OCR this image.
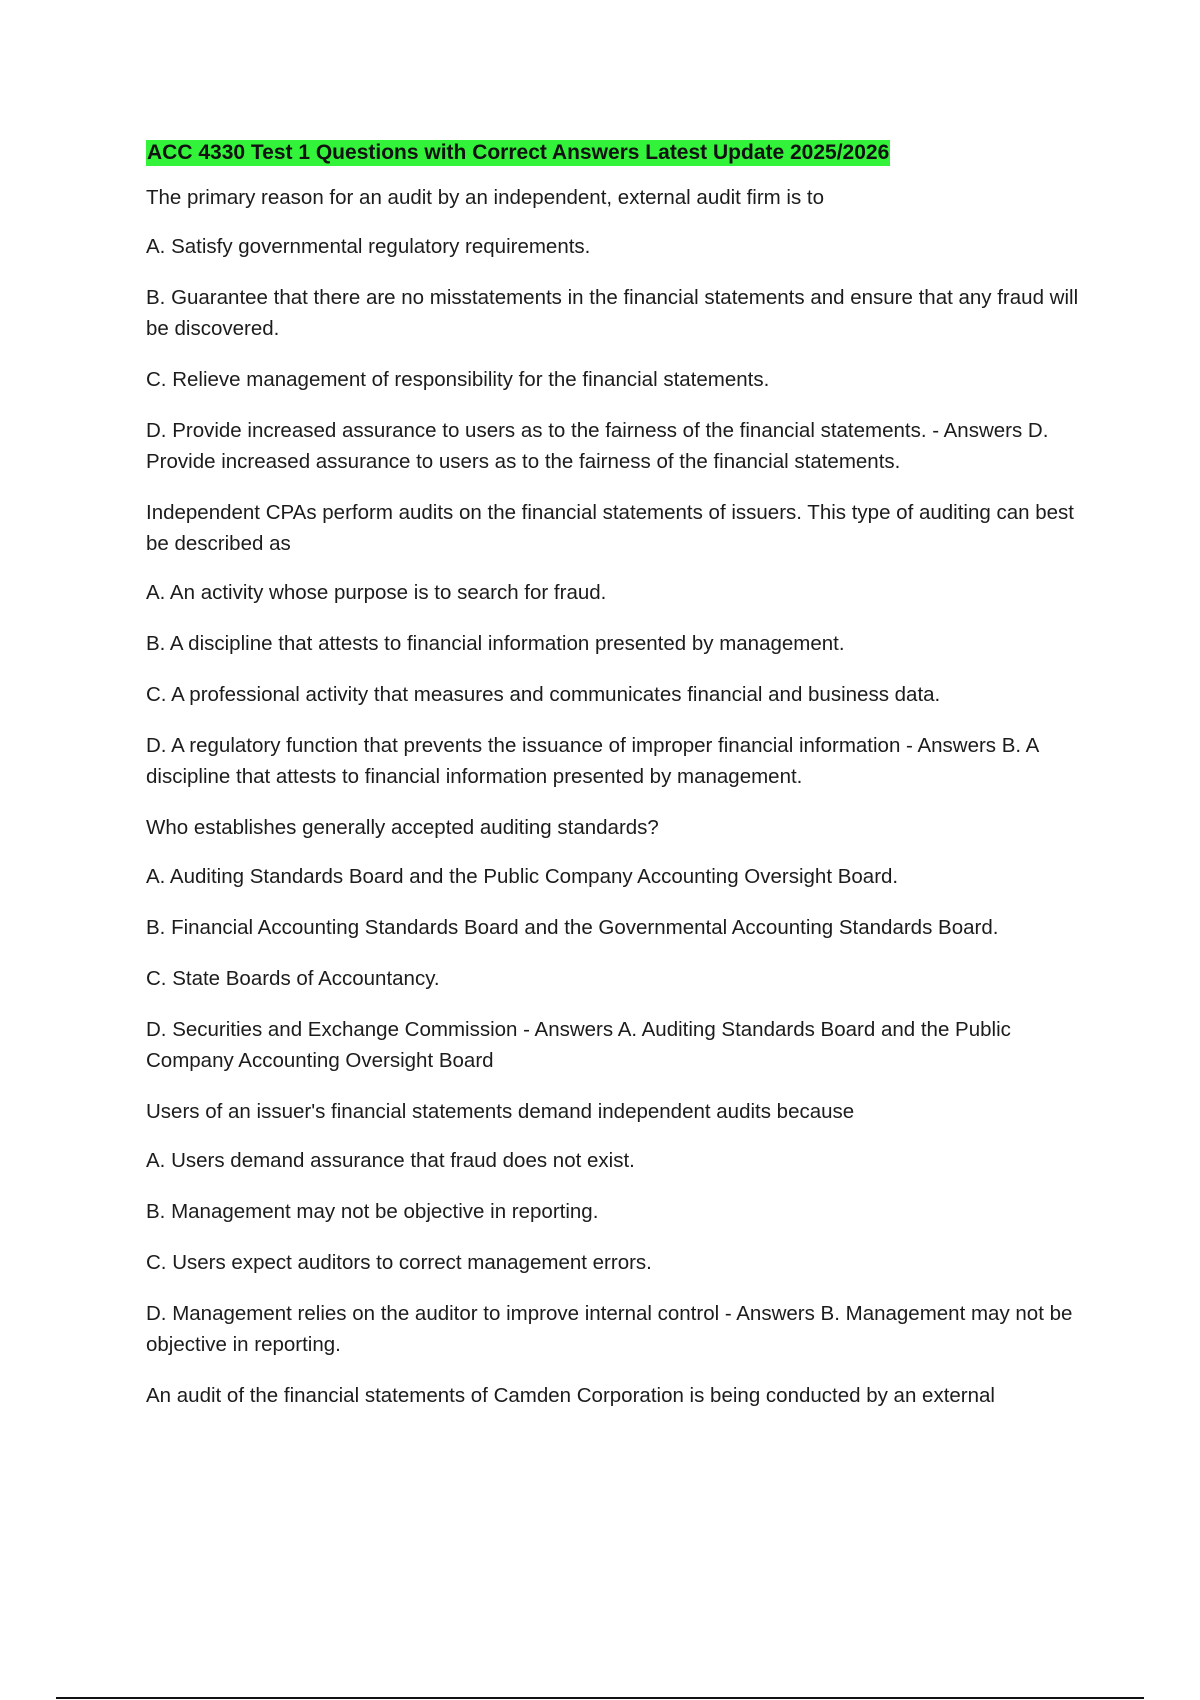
ACC 4330 Test 1 Questions with Correct Answers Latest Update 2025/2026

The primary reason for an audit by an independent, external audit firm is to

A. Satisfy governmental regulatory requirements.

B. Guarantee that there are no misstatements in the financial statements and ensure that any fraud will be discovered.

C. Relieve management of responsibility for the financial statements.

D. Provide increased assurance to users as to the fairness of the financial statements. - Answers D. Provide increased assurance to users as to the fairness of the financial statements.

Independent CPAs perform audits on the financial statements of issuers. This type of auditing can best be described as

A. An activity whose purpose is to search for fraud.

B. A discipline that attests to financial information presented by management.

C. A professional activity that measures and communicates financial and business data.

D. A regulatory function that prevents the issuance of improper financial information - Answers B. A discipline that attests to financial information presented by management.

Who establishes generally accepted auditing standards?

A. Auditing Standards Board and the Public Company Accounting Oversight Board.

B. Financial Accounting Standards Board and the Governmental Accounting Standards Board.

C. State Boards of Accountancy.

D. Securities and Exchange Commission - Answers A. Auditing Standards Board and the Public Company Accounting Oversight Board

Users of an issuer's financial statements demand independent audits because

A. Users demand assurance that fraud does not exist.

B. Management may not be objective in reporting.

C. Users expect auditors to correct management errors.

D. Management relies on the auditor to improve internal control - Answers B. Management may not be objective in reporting.

An audit of the financial statements of Camden Corporation is being conducted by an external
